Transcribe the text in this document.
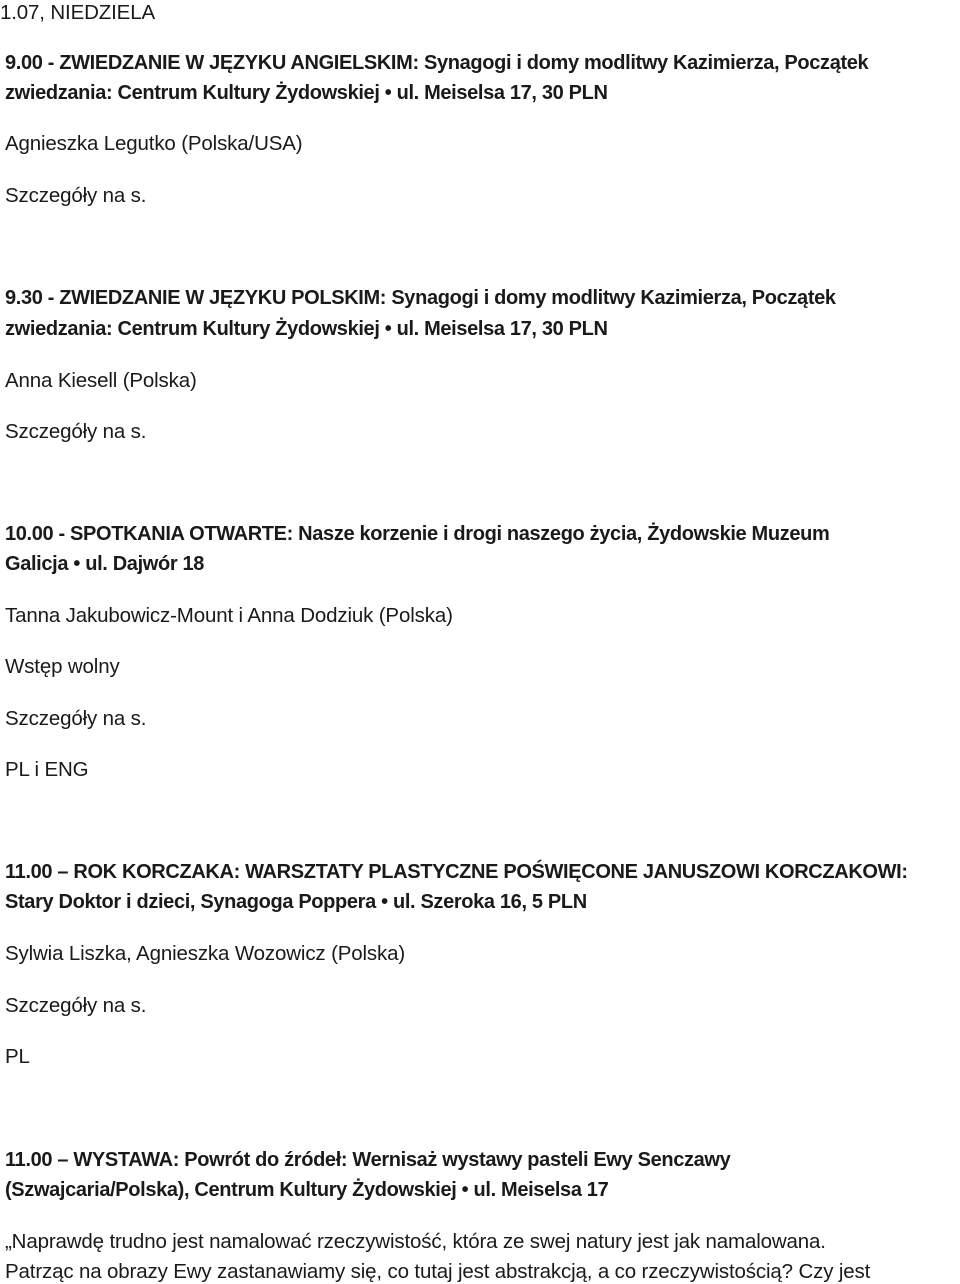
1.07, NIEDZIELA
9.00 - ZWIEDZANIE W JĘZYKU ANGIELSKIM: Synagogi i domy modlitwy Kazimierza, Początek
zwiedzania: Centrum Kultury Żydowskiej • ul. Meiselsa 17, 30 PLN
Agnieszka Legutko (Polska/USA)
Szczegóły na s.
9.30 - ZWIEDZANIE W JĘZYKU POLSKIM: Synagogi i domy modlitwy Kazimierza, Początek
zwiedzania: Centrum Kultury Żydowskiej • ul. Meiselsa 17, 30 PLN
Anna Kiesell (Polska)
Szczegóły na s.
10.00 - SPOTKANIA OTWARTE: Nasze korzenie i drogi naszego życia, Żydowskie Muzeum
Galicja • ul. Dajwór 18
Tanna Jakubowicz-Mount i Anna Dodziuk (Polska)
Wstęp wolny
Szczegóły na s.
PL i ENG
11.00 – ROK KORCZAKA: WARSZTATY PLASTYCZNE POŚWIĘCONE JANUSZOWI KORCZAKOWI:
Stary Doktor i dzieci, Synagoga Poppera • ul. Szeroka 16, 5 PLN
Sylwia Liszka, Agnieszka Wozowicz (Polska)
Szczegóły na s.
PL
11.00 – WYSTAWA: Powrót do źródeł: Wernisaż wystawy pasteli Ewy Senczawy
(Szwajcaria/Polska), Centrum Kultury Żydowskiej • ul. Meiselsa 17
„Naprawdę trudno jest namalować rzeczywistość, która ze swej natury jest jak namalowana.
Patrząc na obrazy Ewy zastanawiamy się, co tutaj jest abstrakcją, a co rzeczywistością? Czy jest
